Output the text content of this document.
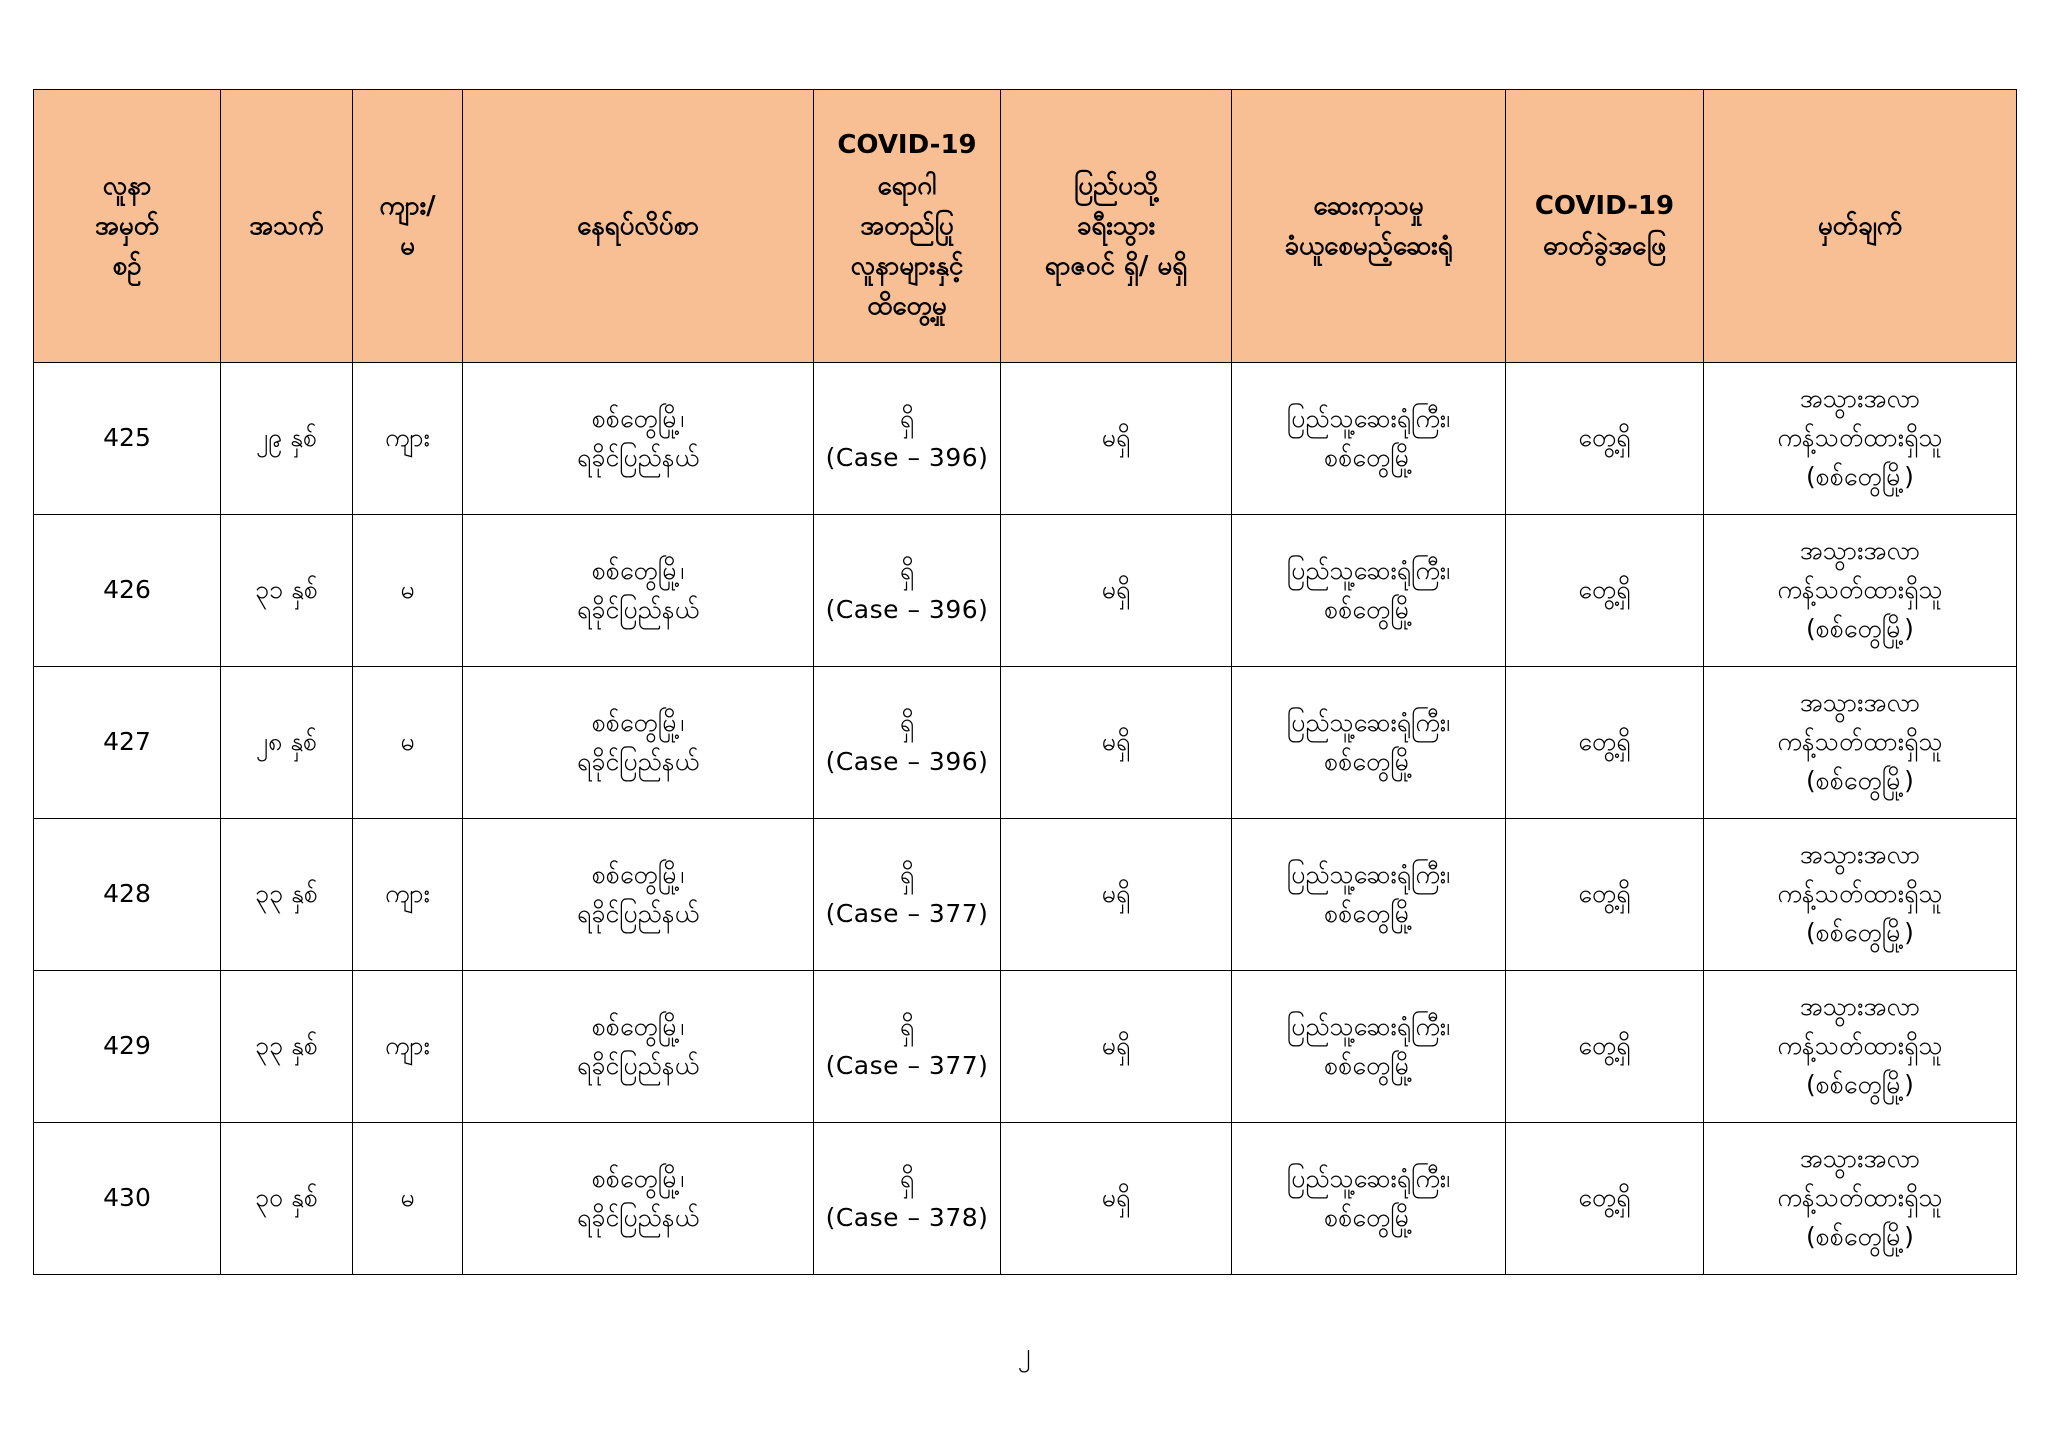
လူနာ
အမှတ်
စဉ်	အသက်	ကျား/
မ	နေရပ်လိပ်စာ	COVID-19
ရောဂါ
အတည်ပြု
လူနာများနှင့်
ထိတွေ့မှု	ပြည်ပသို့
ခရီးသွား
ရာဇဝင် ရှိ/ မရှိ	ဆေးကုသမှု
ခံယူစေမည့်ဆေးရုံ	COVID-19
ဓာတ်ခွဲအဖြေ	မှတ်ချက်

425	၂၉ နှစ်	ကျား	စစ်တွေမြို့၊
ရခိုင်ပြည်နယ်	ရှိ
(Case – 396)	မရှိ	ပြည်သူ့ဆေးရုံကြီး၊
စစ်တွေမြို့	တွေ့ရှိ	အသွားအလာ
ကန့်သတ်ထားရှိသူ
(စစ်တွေမြို့)

426	၃၁ နှစ်	မ	စစ်တွေမြို့၊
ရခိုင်ပြည်နယ်	ရှိ
(Case – 396)	မရှိ	ပြည်သူ့ဆေးရုံကြီး၊
စစ်တွေမြို့	တွေ့ရှိ	အသွားအလာ
ကန့်သတ်ထားရှိသူ
(စစ်တွေမြို့)

427	၂၈ နှစ်	မ	စစ်တွေမြို့၊
ရခိုင်ပြည်နယ်	ရှိ
(Case – 396)	မရှိ	ပြည်သူ့ဆေးရုံကြီး၊
စစ်တွေမြို့	တွေ့ရှိ	အသွားအလာ
ကန့်သတ်ထားရှိသူ
(စစ်တွေမြို့)

428	၃၃ နှစ်	ကျား	စစ်တွေမြို့၊
ရခိုင်ပြည်နယ်	ရှိ
(Case – 377)	မရှိ	ပြည်သူ့ဆေးရုံကြီး၊
စစ်တွေမြို့	တွေ့ရှိ	အသွားအလာ
ကန့်သတ်ထားရှိသူ
(စစ်တွေမြို့)

429	၃၃ နှစ်	ကျား	စစ်တွေမြို့၊
ရခိုင်ပြည်နယ်	ရှိ
(Case – 377)	မရှိ	ပြည်သူ့ဆေးရုံကြီး၊
စစ်တွေမြို့	တွေ့ရှိ	အသွားအလာ
ကန့်သတ်ထားရှိသူ
(စစ်တွေမြို့)

430	၃၀ နှစ်	မ	စစ်တွေမြို့၊
ရခိုင်ပြည်နယ်	ရှိ
(Case – 378)	မရှိ	ပြည်သူ့ဆေးရုံကြီး၊
စစ်တွေမြို့	တွေ့ရှိ	အသွားအလာ
ကန့်သတ်ထားရှိသူ
(စစ်တွေမြို့)
၂
